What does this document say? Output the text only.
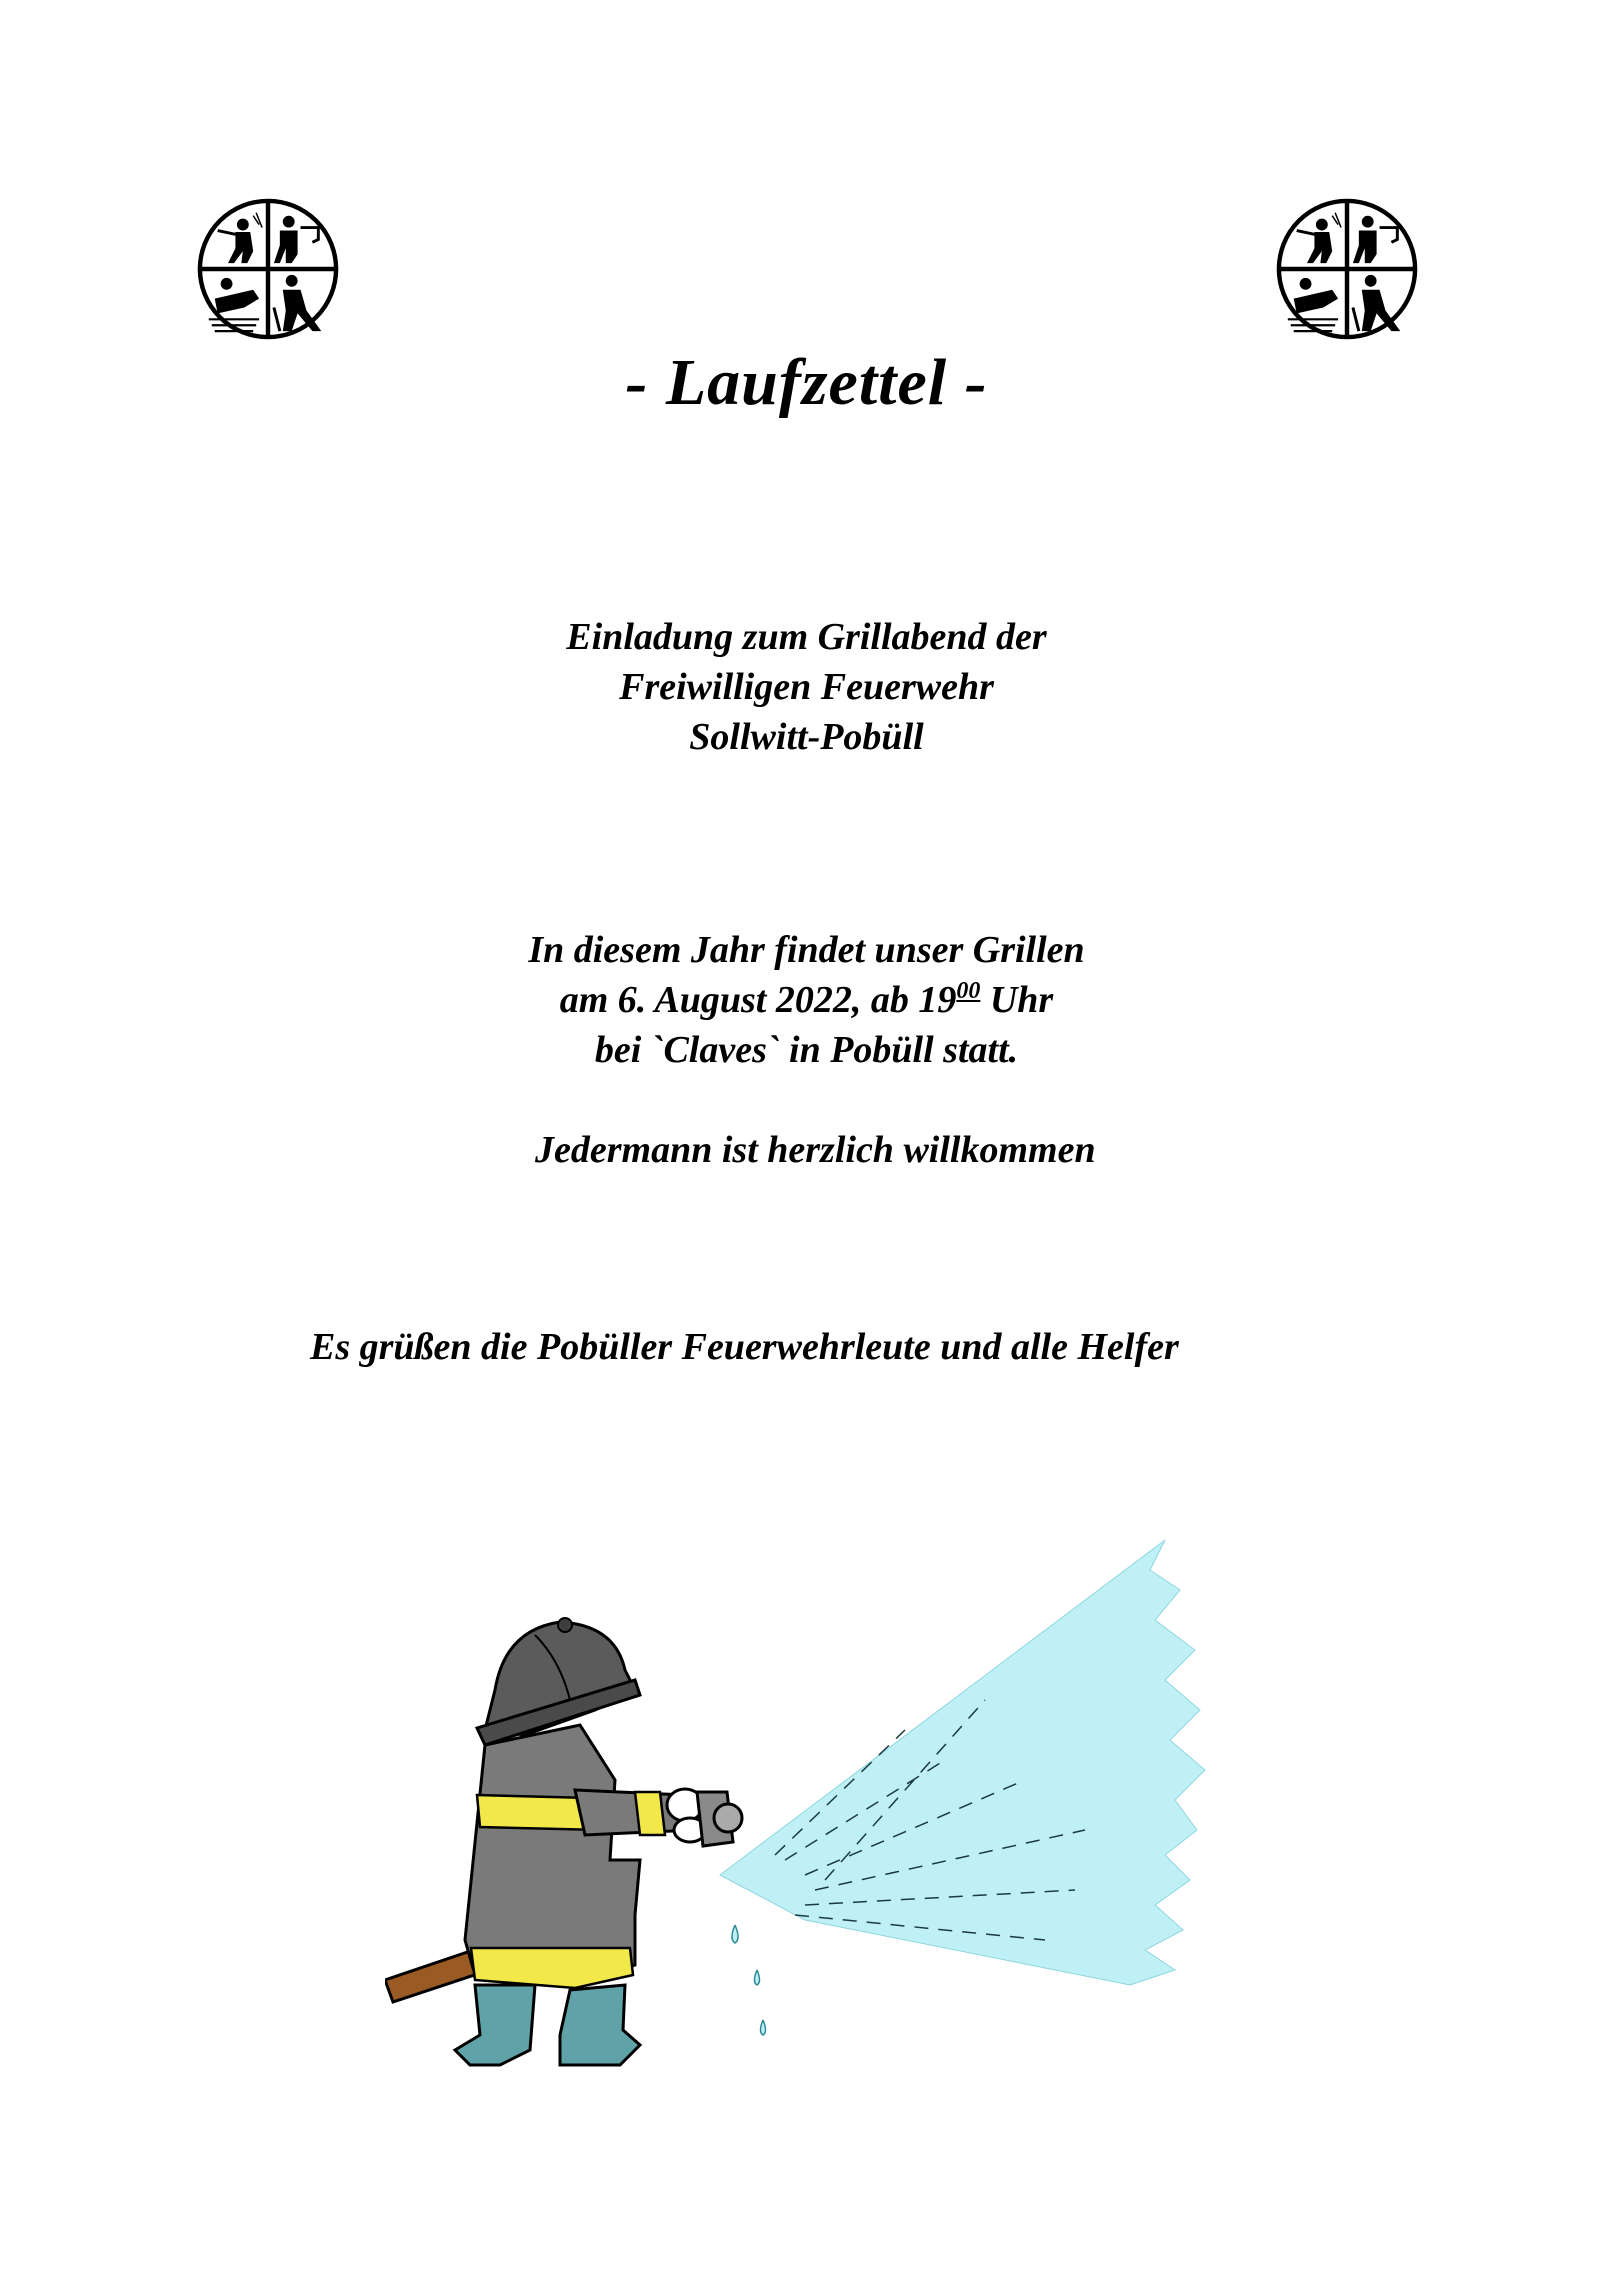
- Laufzettel -

Einladung zum Grillabend der

Freiwilligen Feuerwehr

Sollwitt-Pobüll

In diesem Jahr findet unser Grillen

am 6. August 2022, ab $19^{00}$ Uhr

bei `Claves` in Pobüll statt.

Jedermann ist herzlich willkommen
Es grüßen die Pobüller Feuerwehrleute und alle Helfer
